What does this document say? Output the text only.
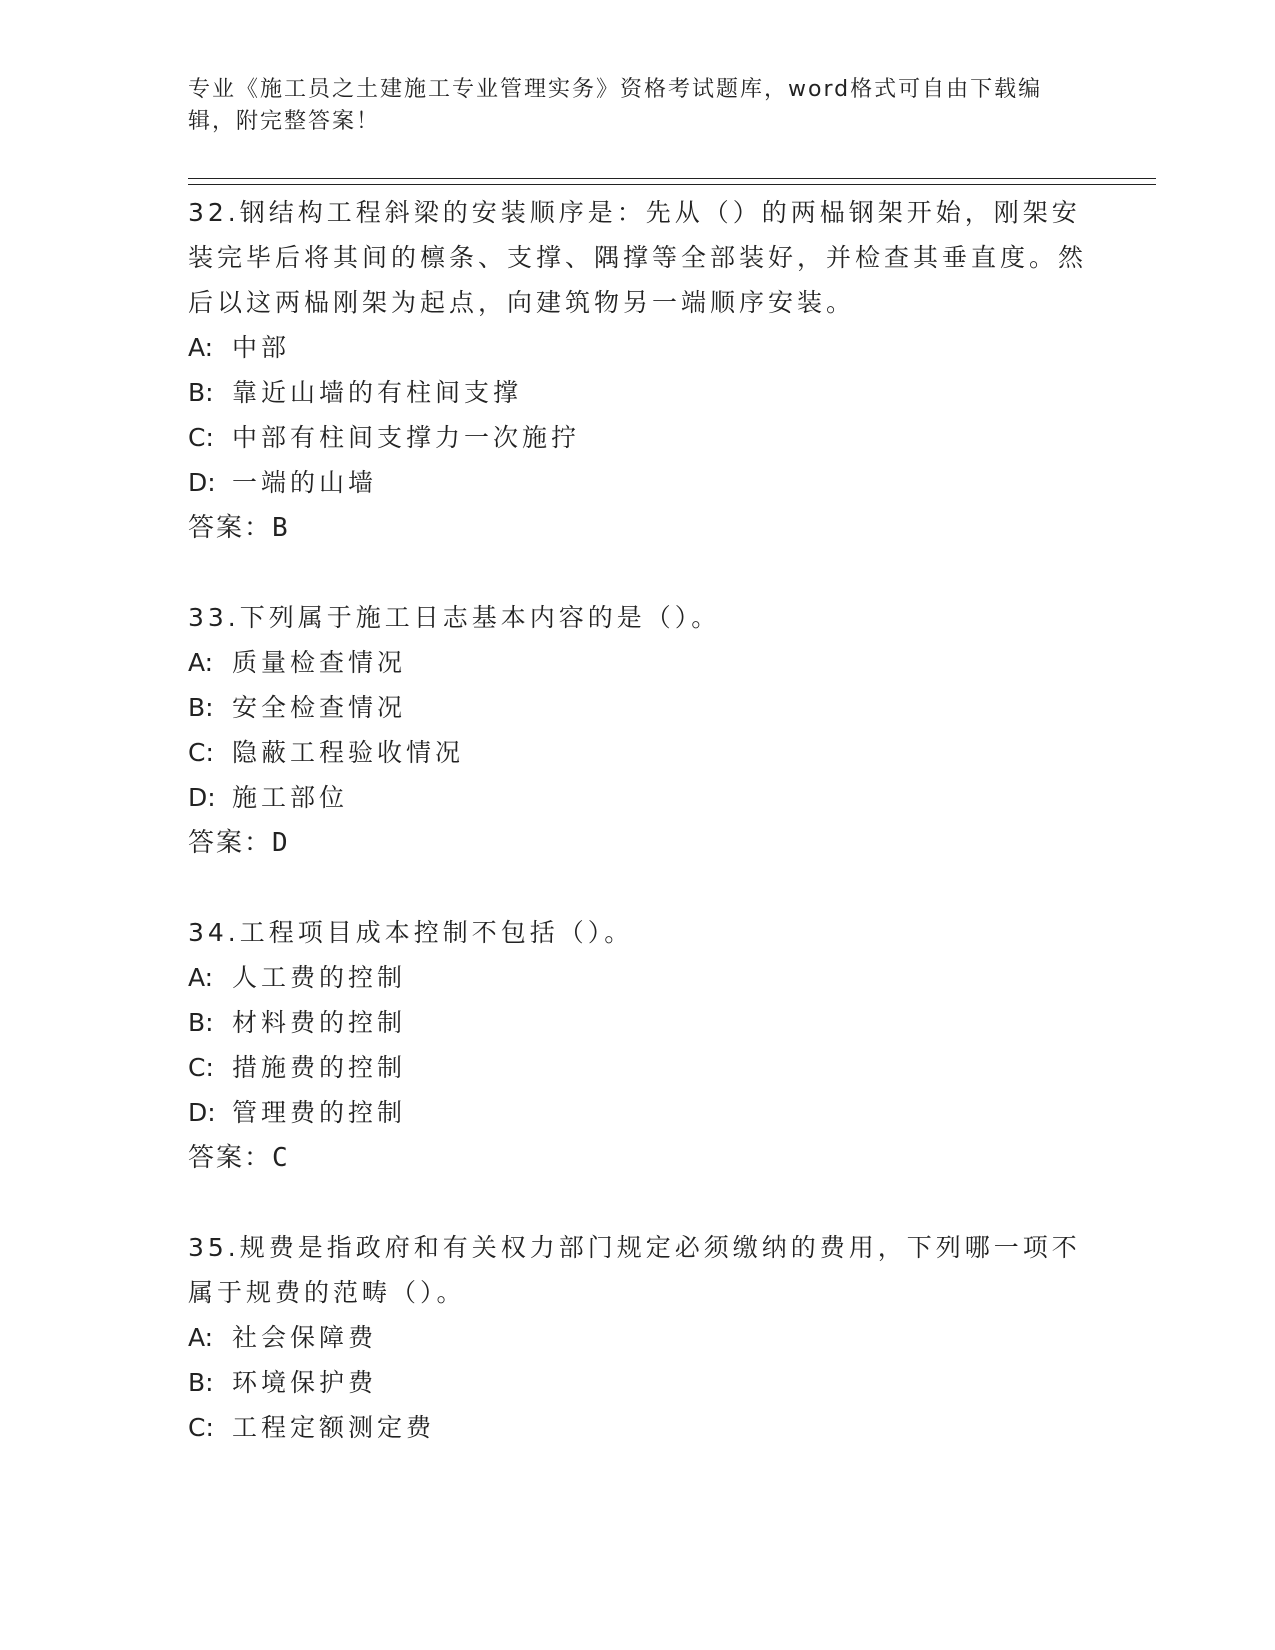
专业《施工员之土建施工专业管理实务》资格考试题库，word格式可自由下载编辑，附完整答案！

32.钢结构工程斜梁的安装顺序是：先从（）的两榀钢架开始，刚架安装完毕后将其间的檩条、支撑、隅撑等全部装好，并检查其垂直度。然后以这两榀刚架为起点，向建筑物另一端顺序安装。

A: 中部

B: 靠近山墙的有柱间支撑

C: 中部有柱间支撑力一次施拧

D: 一端的山墙

答案：B

33.下列属于施工日志基本内容的是（）。

A: 质量检查情况

B: 安全检查情况

C: 隐蔽工程验收情况

D: 施工部位

答案：D

34.工程项目成本控制不包括（）。

A: 人工费的控制

B: 材料费的控制

C: 措施费的控制

D: 管理费的控制

答案：C

35.规费是指政府和有关权力部门规定必须缴纳的费用，下列哪一项不属于规费的范畴（）。

A: 社会保障费

B: 环境保护费

C: 工程定额测定费
